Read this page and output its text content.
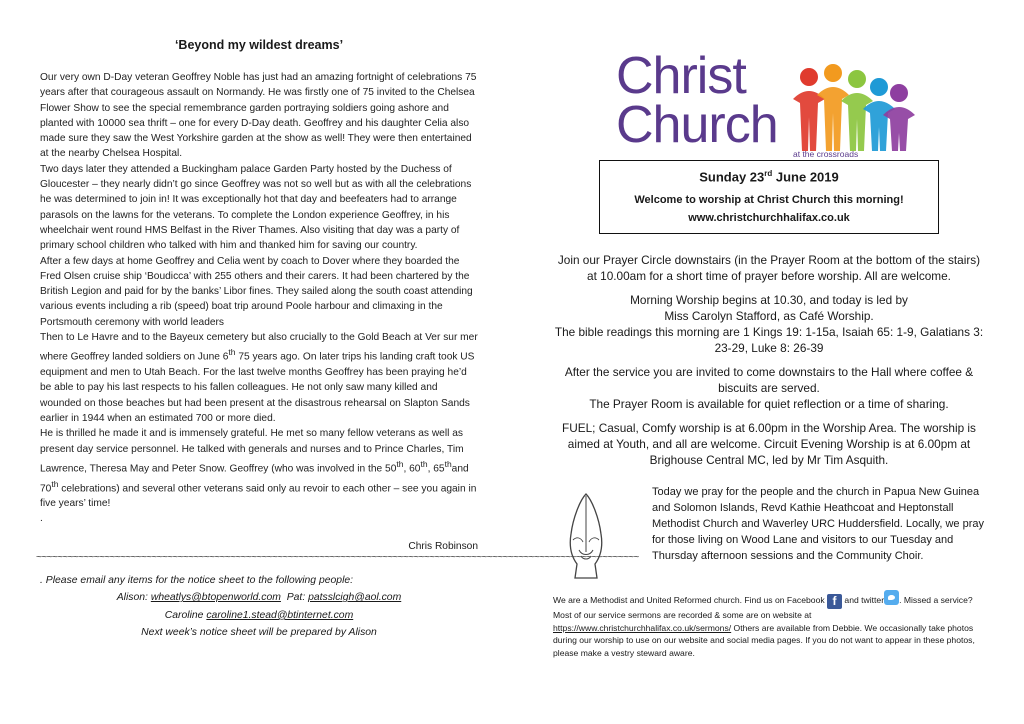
‘Beyond my wildest dreams’

Our very own D-Day veteran Geoffrey Noble has just had an amazing fortnight of celebrations 75 years after that courageous assault on Normandy. He was firstly one of 75 invited to the Chelsea Flower Show to see the special remembrance garden portraying soldiers going ashore and planted with 10000 sea thrift – one for every D-Day death. Geoffrey and his daughter Celia also made sure they saw the West Yorkshire garden at the show as well! They were then entertained at the nearby Chelsea Hospital.

Two days later they attended a Buckingham palace Garden Party hosted by the Duchess of Gloucester – they nearly didn’t go since Geoffrey was not so well but as with all the celebrations he was determined to join in! It was exceptionally hot that day and beefeaters had to arrange parasols on the lawns for the veterans. To complete the London experience Geoffrey, in his wheelchair went round HMS Belfast in the River Thames. Also visiting that day was a party of primary school children who talked with him and thanked him for saving our country.

After a few days at home Geoffrey and Celia went by coach to Dover where they boarded the Fred Olsen cruise ship ‘Boudicca’ with 255 others and their carers. It had been chartered by the British Legion and paid for by the banks’ Libor fines. They sailed along the south coast attending various events including a rib (speed) boat trip around Poole harbour and climaxing in the Portsmouth ceremony with world leaders

Then to Le Havre and to the Bayeux cemetery but also crucially to the Gold Beach at Ver sur mer where Geoffrey landed soldiers on June 6th 75 years ago. On later trips his landing craft took US equipment and men to Utah Beach. For the last twelve months Geoffrey has been praying he’d be able to pay his last respects to his fallen colleagues. He not only saw many killed and wounded on those beaches but had been present at the disastrous rehearsal on Slapton Sands earlier in 1944 when an estimated 700 or more died.

He is thrilled he made it and is immensely grateful. He met so many fellow veterans as well as present day service personnel. He talked with generals and nurses and to Prince Charles, Tim Lawrence, Theresa May and Peter Snow. Geoffrey (who was involved in the 50th, 60th, 65thand 70th celebrations) and several other veterans said only au revoir to each other – see you again in five years’ time!

.

Chris Robinson
~~~~~~~~~~~~~~~~~~~~~~~~~~~~~~~~~~~~~~~~~~~~~~~~~~~~~~~~~~~~~~~~~~~~~~~~~~~~~~~~~~~~~~~~~~~~~~~~~~~~~~~~~~~~~~~~~~~
. Please email any items for the notice sheet to the following people:
Alison: wheatlys@btopenworld.com Pat: patsslcigh@aol.com
Caroline caroline1.stead@btinternet.com
Next week’s notice sheet will be prepared by Alison
Christ
Church at the crossroads
Sunday 23rd June 2019
Welcome to worship at Christ Church this morning!
www.christchurchhalifax.co.uk

Join our Prayer Circle downstairs (in the Prayer Room at the bottom of the stairs) at 10.00am for a short time of prayer before worship. All are welcome.

Morning Worship begins at 10.30, and today is led by

Miss Carolyn Stafford, as Café Worship.

The bible readings this morning are 1 Kings 19: 1-15a, Isaiah 65: 1-9, Galatians 3: 23-29, Luke 8: 26-39

After the service you are invited to come downstairs to the Hall where coffee & biscuits are served.

The Prayer Room is available for quiet reflection or a time of sharing.

FUEL; Casual, Comfy worship is at 6.00pm in the Worship Area. The worship is aimed at Youth, and all are welcome. Circuit Evening Worship is at 6.00pm at Brighouse Central MC, led by Mr Tim Asquith.

Today we pray for the people and the church in Papua New Guinea and Solomon Islands, Revd Kathie Heathcoat and Heptonstall Methodist Church and Waverley URC Huddersfield. Locally, we pray for those living on Wood Lane and visitors to our Tuesday and Thursday afternoon sessions and the Community Choir.
We are a Methodist and United Reformed church. Find us on Facebook f and twitter . Missed a service? Most of our service sermons are recorded & some are on website at https://www.christchurchhalifax.co.uk/sermons/ Others are available from Debbie. We occasionally take photos during our worship to use on our website and social media pages. If you do not want to appear in these photos, please make a vestry steward aware.
